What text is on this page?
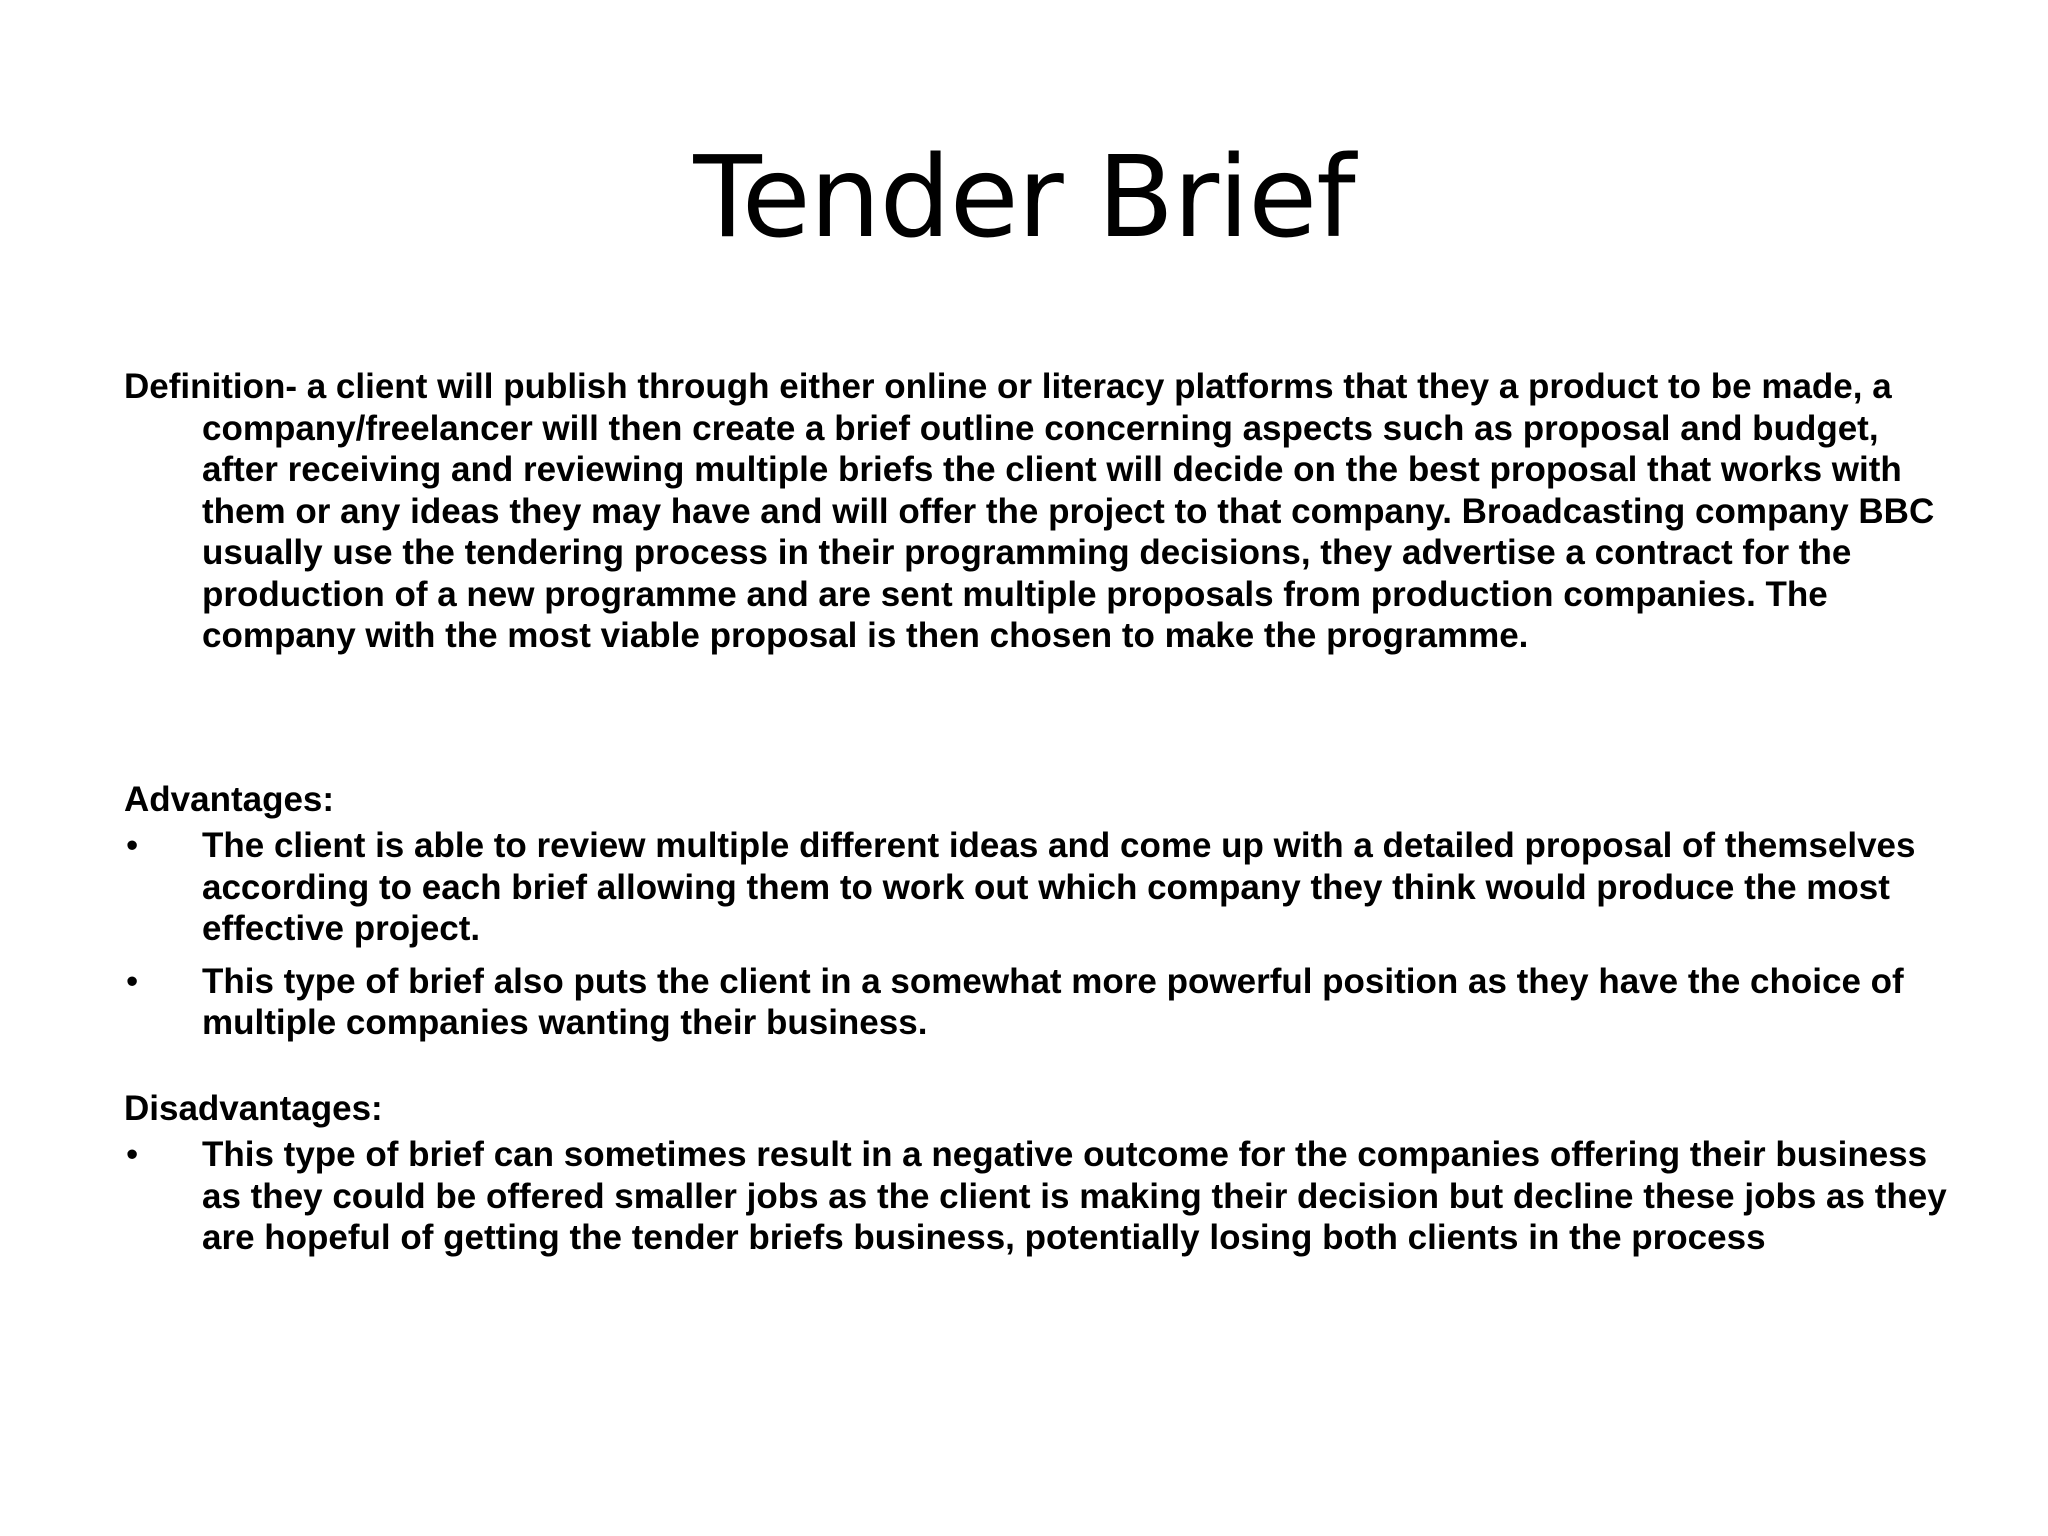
Tender Brief

Definition- a client will publish through either online or literacy platforms that they a product to be made, a company/freelancer will then create a brief outline concerning aspects such as proposal and budget, after receiving and reviewing multiple briefs the client will decide on the best proposal that works with them or any ideas they may have and will offer the project to that company. Broadcasting company BBC usually use the tendering process in their programming decisions, they advertise a contract for the production of a new programme and are sent multiple proposals from production companies. The company with the most viable proposal is then chosen to make the programme.

Advantages:

• The client is able to review multiple different ideas and come up with a detailed proposal of themselves according to each brief allowing them to work out which company they think would produce the most effective project.
• This type of brief also puts the client in a somewhat more powerful position as they have the choice of multiple companies wanting their business.

Disadvantages:

• This type of brief can sometimes result in a negative outcome for the companies offering their business as they could be offered smaller jobs as the client is making their decision but decline these jobs as they are hopeful of getting the tender briefs business, potentially losing both clients in the process
